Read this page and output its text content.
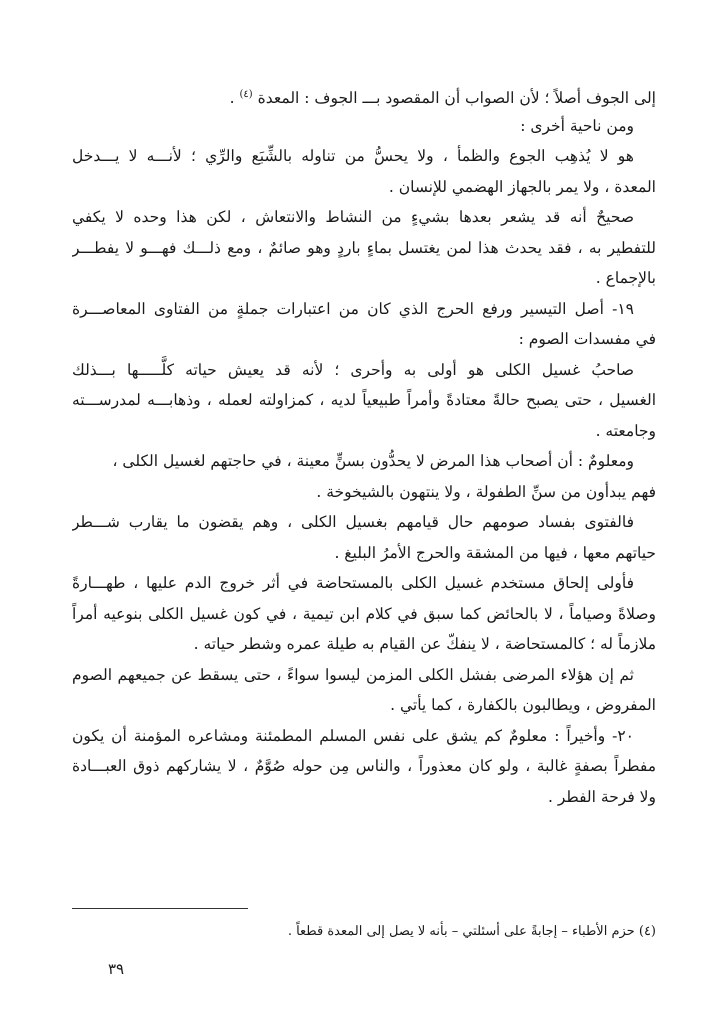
إلى الجوف أصلاً ؛ لأن الصواب أن المقصود بـــ الجوف : المعدة $^{(٤)}$ .
ومن ناحية أخرى :
هو لا يُذهِب الجوع والظمأ ، ولا يحسُّ من تناوله بالشِّبَع والرِّي ؛ لأنـــه لا يـــدخل
المعدة ، ولا يمر بالجهاز الهضمي للإنسان .
صحيحٌ أنه قد يشعر بعدها بشيءٍ من النشاط والانتعاش ، لكن هذا وحده لا يكفي
للتفطير به ، فقد يحدث هذا لمن يغتسل بماءٍ باردٍ وهو صائمٌ ، ومع ذلـــك فهـــو لا يفطـــر
بالإجماع .
١٩- أصل التيسير ورفع الحرج الذي كان من اعتبارات جملةٍ من الفتاوى المعاصـــرة
في مفسدات الصوم :
صاحبُ غسيل الكلى هو أولى به وأحرى ؛ لأنه قد يعيش حياته كلَّـــــها بـــذلك
الغسيل ، حتى يصبح حالةً معتادةً وأمراً طبيعياً لديه ، كمزاولته لعمله ، وذهابـــه لمدرســـته
وجامعته .
ومعلومٌ : أن أصحاب هذا المرض لا يحدُّون بسنٍّ معينة ، في حاجتهم لغسيل الكلى ،
فهم يبدأون من سنِّ الطفولة ، ولا ينتهون بالشيخوخة .
فالفتوى بفساد صومهم حال قيامهم بغسيل الكلى ، وهم يقضون ما يقارب شـــطر
حياتهم معها ، فيها من المشقة والحرج الأمرُ البليغ .
فأولى إلحاق مستخدم غسيل الكلى بالمستحاضة في أثر خروج الدم عليها ، طهـــارةً
وصلاةً وصياماً ، لا بالحائض كما سبق في كلام ابن تيمية ، في كون غسيل الكلى بنوعيه أمراً
ملازماً له ؛ كالمستحاضة ، لا ينفكّ عن القيام به طيلة عمره وشطر حياته .
ثم إن هؤلاء المرضى بفشل الكلى المزمن ليسوا سواءً ، حتى يسقط عن جميعهم الصوم
المفروض ، ويطالبون بالكفارة ، كما يأتي .
٢٠- وأخيراً : معلومٌ كم يشق على نفس المسلم المطمئنة ومشاعره المؤمنة أن يكون
مفطراً بصفةٍ غالبة ، ولو كان معذوراً ، والناس مِن حوله صُوَّمٌ ، لا يشاركهم ذوق العبـــادة
ولا فرحة الفطر .
(٤) حزم الأطباء – إجابةً على أسئلتي – بأنه لا يصل إلى المعدة قطعاً .
٣٩
